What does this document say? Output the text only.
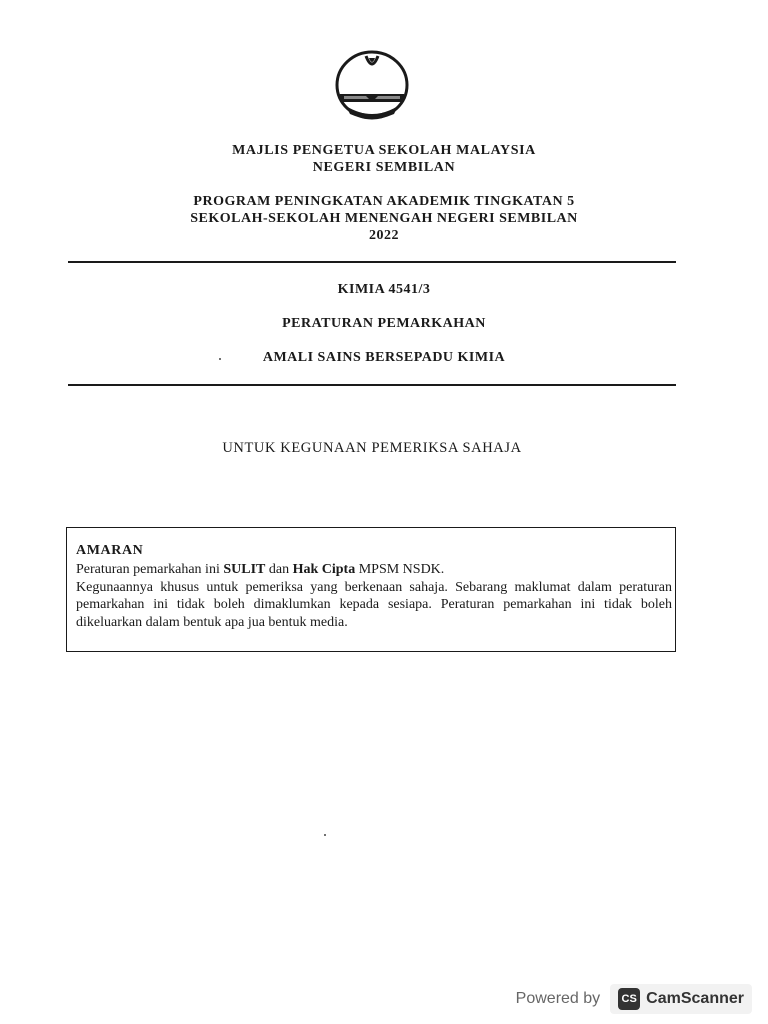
MPSM
MAJLIS PENGETUA SEKOLAH MALAYSIA
NEGERI SEMBILAN
PROGRAM PENINGKATAN AKADEMIK TINGKATAN 5
SEKOLAH-SEKOLAH MENENGAH NEGERI SEMBILAN
2022
KIMIA 4541/3
PERATURAN PEMARKAHAN
AMALI SAINS BERSEPADU KIMIA
UNTUK KEGUNAAN PEMERIKSA SAHAJA
AMARAN
Peraturan pemarkahan ini SULIT dan Hak Cipta MPSM NSDK.
Kegunaannya khusus untuk pemeriksa yang berkenaan sahaja. Sebarang maklumat dalam peraturan pemarkahan ini tidak boleh dimaklumkan kepada sesiapa. Peraturan pemarkahan ini tidak boleh dikeluarkan dalam bentuk apa jua bentuk media.
Powered by	CS CamScanner
